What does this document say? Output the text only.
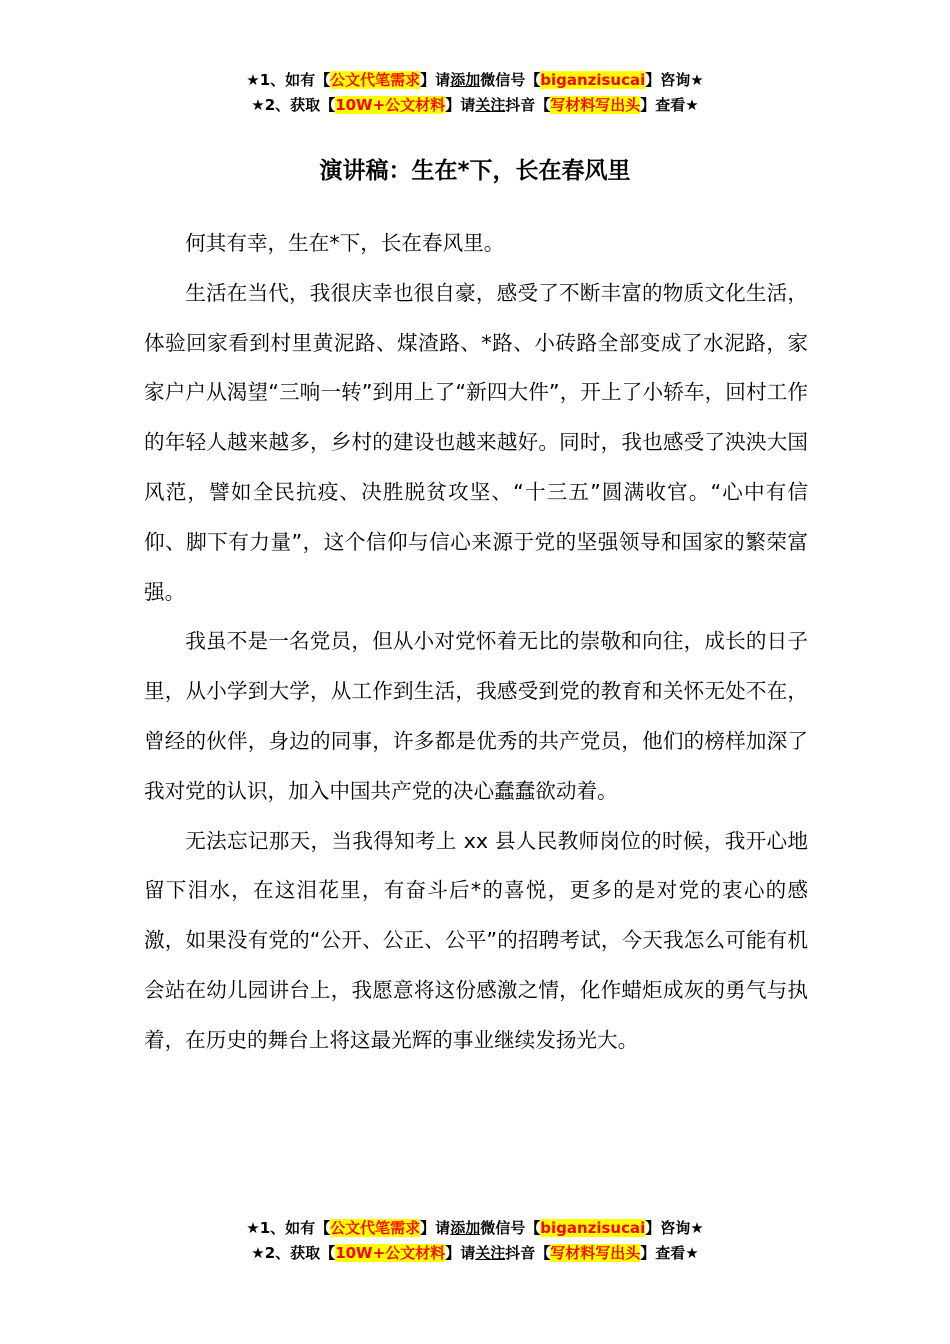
★1、如有【公文代笔需求】请添加微信号【biganzisucai】咨询★
★2、获取【10W+公文材料】请关注抖音【写材料写出头】查看★
演讲稿：生在*下，长在春风里

何其有幸，生在*下，长在春风里。

生活在当代，我很庆幸也很自豪，感受了不断丰富的物质文化生活，体验回家看到村里黄泥路、煤渣路、*路、小砖路全部变成了水泥路，家家户户从渴望“三响一转”到用上了“新四大件”，开上了小轿车，回村工作的年轻人越来越多，乡村的建设也越来越好。同时，我也感受了泱泱大国风范，譬如全民抗疫、决胜脱贫攻坚、“十三五”圆满收官。“心中有信仰、脚下有力量”，这个信仰与信心来源于党的坚强领导和国家的繁荣富强。

我虽不是一名党员，但从小对党怀着无比的崇敬和向往，成长的日子里，从小学到大学，从工作到生活，我感受到党的教育和关怀无处不在，曾经的伙伴，身边的同事，许多都是优秀的共产党员，他们的榜样加深了我对党的认识，加入中国共产党的决心蠢蠢欲动着。

无法忘记那天，当我得知考上 xx 县人民教师岗位的时候，我开心地留下泪水，在这泪花里，有奋斗后*的喜悦，更多的是对党的衷心的感激，如果没有党的“公开、公正、公平”的招聘考试，今天我怎么可能有机会站在幼儿园讲台上，我愿意将这份感激之情，化作蜡炬成灰的勇气与执着，在历史的舞台上将这最光辉的事业继续发扬光大。

★1、如有【公文代笔需求】请添加微信号【biganzisucai】咨询★
★2、获取【10W+公文材料】请关注抖音【写材料写出头】查看★
